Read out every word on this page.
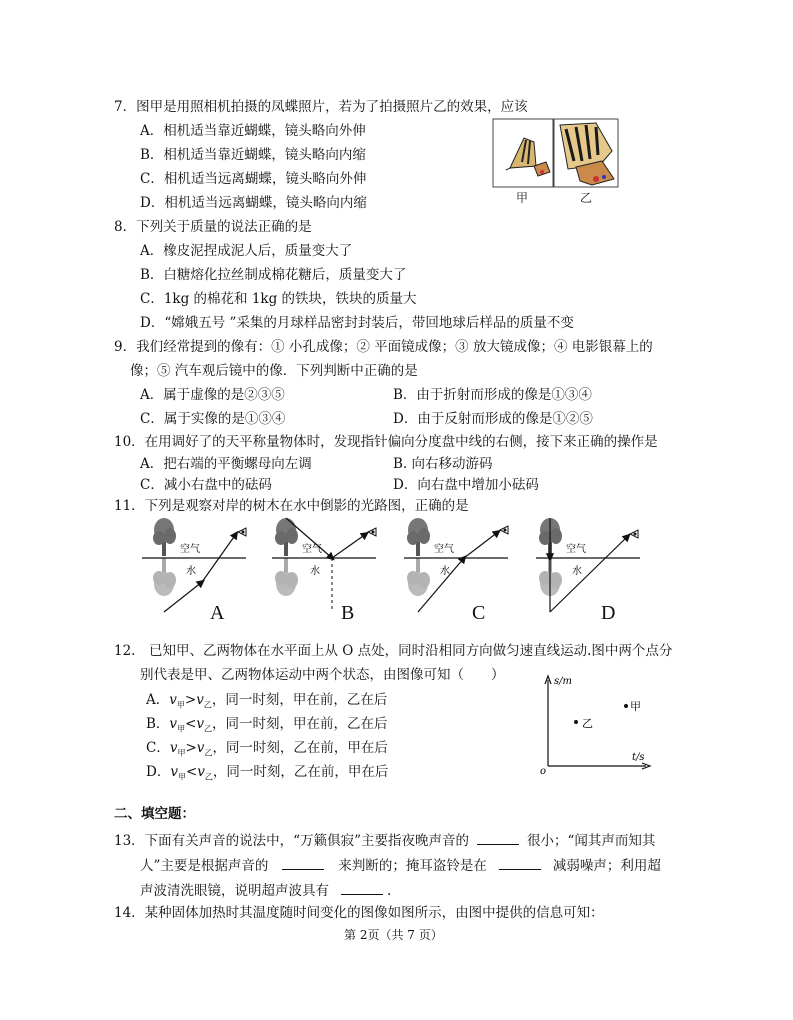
7．图甲是用照相机拍摄的凤蝶照片，若为了拍摄照片乙的效果，应该
A．相机适当靠近蝴蝶，镜头略向外伸
B．相机适当靠近蝴蝶，镜头略向内缩
C．相机适当远离蝴蝶，镜头略向外伸
D．相机适当远离蝴蝶，镜头略向内缩	甲	乙
8．下列关于质量的说法正确的是
A．橡皮泥捏成泥人后，质量变大了
B．白糖熔化拉丝制成棉花糖后，质量变大了
C．1kg 的棉花和 1kg 的铁块，铁块的质量大
D．“嫦娥五号 ”采集的月球样品密封封装后，带回地球后样品的质量不变
9．我们经常提到的像有：① 小孔成像；② 平面镜成像；③ 放大镜成像；④ 电影银幕上的
像；⑤ 汽车观后镜中的像．下列判断中正确的是
A．属于虚像的是②③⑤	B．由于折射而形成的像是①③④
C．属于实像的是①③④	D．由于反射而形成的像是①②⑤
10．在用调好了的天平称量物体时，发现指针偏向分度盘中线的右侧，接下来正确的操作是
A．把右端的平衡螺母向左调	B. 向右移动游码
C．减小右盘中的砝码	D．向右盘中增加小砝码
11．下列是观察对岸的树木在水中倒影的光路图，正确的是
空气
水
空气
水
空气
水
空气
水
A	B	C	D
12.　已知甲、乙两物体在水平面上从 O 点处，同时沿相同方向做匀速直线运动.图中两个点分
别代表是甲、乙两物体运动中两个状态，由图像可知（　　）
A．$v_甲>v_乙$，同一时刻，甲在前，乙在后
B．$v_甲<v_乙$，同一时刻，甲在前，乙在后
C．$v_甲>v_乙$，同一时刻，乙在前，甲在后
D．$v_甲<v_乙$，同一时刻，乙在前，甲在后
s/m
t/s
o
甲
乙
二、填空题：
13．下面有关声音的说法中，“万籁俱寂”主要指夜晚声音的	很小；“闻其声而知其
人”主要是根据声音的	来判断的；掩耳盗铃是在	减弱噪声；利用超
声波清洗眼镜，说明超声波具有	.
14．某种固体加热时其温度随时间变化的图像如图所示，由图中提供的信息可知：
第 2页（共 7 页）
